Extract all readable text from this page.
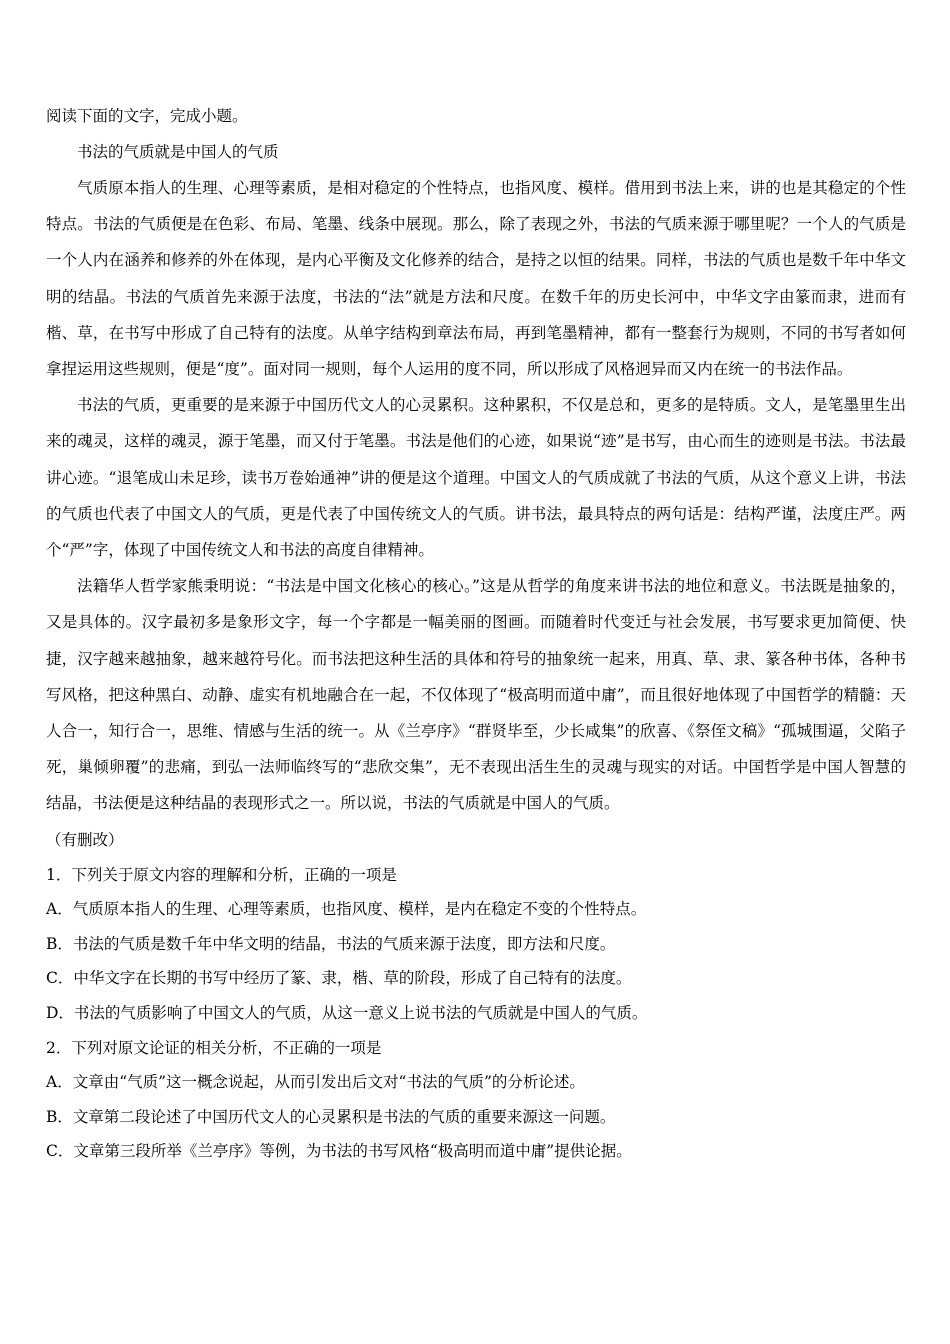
阅读下面的文字，完成小题。
书法的气质就是中国人的气质

气质原本指人的生理、心理等素质，是相对稳定的个性特点，也指风度、模样。借用到书法上来，讲的也是其稳定的个性特点。书法的气质便是在色彩、布局、笔墨、线条中展现。那么，除了表现之外，书法的气质来源于哪里呢？一个人的气质是一个人内在涵养和修养的外在体现，是内心平衡及文化修养的结合，是持之以恒的结果。同样，书法的气质也是数千年中华文明的结晶。书法的气质首先来源于法度，书法的“法”就是方法和尺度。在数千年的历史长河中，中华文字由篆而隶，进而有楷、草，在书写中形成了自己特有的法度。从单字结构到章法布局，再到笔墨精神，都有一整套行为规则，不同的书写者如何拿捏运用这些规则，便是“度”。面对同一规则，每个人运用的度不同，所以形成了风格迥异而又内在统一的书法作品。

书法的气质，更重要的是来源于中国历代文人的心灵累积。这种累积，不仅是总和，更多的是特质。文人，是笔墨里生出来的魂灵，这样的魂灵，源于笔墨，而又付于笔墨。书法是他们的心迹，如果说“迹”是书写，由心而生的迹则是书法。书法最讲心迹。“退笔成山未足珍，读书万卷始通神”讲的便是这个道理。中国文人的气质成就了书法的气质，从这个意义上讲，书法的气质也代表了中国文人的气质，更是代表了中国传统文人的气质。讲书法，最具特点的两句话是：结构严谨，法度庄严。两个“严”字，体现了中国传统文人和书法的高度自律精神。

法籍华人哲学家熊秉明说：“书法是中国文化核心的核心。”这是从哲学的角度来讲书法的地位和意义。书法既是抽象的，又是具体的。汉字最初多是象形文字，每一个字都是一幅美丽的图画。而随着时代变迁与社会发展，书写要求更加简便、快捷，汉字越来越抽象，越来越符号化。而书法把这种生活的具体和符号的抽象统一起来，用真、草、隶、篆各种书体，各种书写风格，把这种黑白、动静、虚实有机地融合在一起，不仅体现了“极高明而道中庸”，而且很好地体现了中国哲学的精髓：天人合一，知行合一，思维、情感与生活的统一。从《兰亭序》“群贤毕至，少长咸集”的欣喜、《祭侄文稿》“孤城围逼，父陷子死，巢倾卵覆”的悲痛，到弘一法师临终写的“悲欣交集”，无不表现出活生生的灵魂与现实的对话。中国哲学是中国人智慧的结晶，书法便是这种结晶的表现形式之一。所以说，书法的气质就是中国人的气质。

（有删改）
1．下列关于原文内容的理解和分析，正确的一项是
A．气质原本指人的生理、心理等素质，也指风度、模样，是内在稳定不变的个性特点。
B．书法的气质是数千年中华文明的结晶，书法的气质来源于法度，即方法和尺度。
C．中华文字在长期的书写中经历了篆、隶，楷、草的阶段，形成了自己特有的法度。
D．书法的气质影响了中国文人的气质，从这一意义上说书法的气质就是中国人的气质。
2．下列对原文论证的相关分析，不正确的一项是
A．文章由“气质”这一概念说起，从而引发出后文对“书法的气质”的分析论述。
B．文章第二段论述了中国历代文人的心灵累积是书法的气质的重要来源这一问题。
C．文章第三段所举《兰亭序》等例，为书法的书写风格“极高明而道中庸”提供论据。
